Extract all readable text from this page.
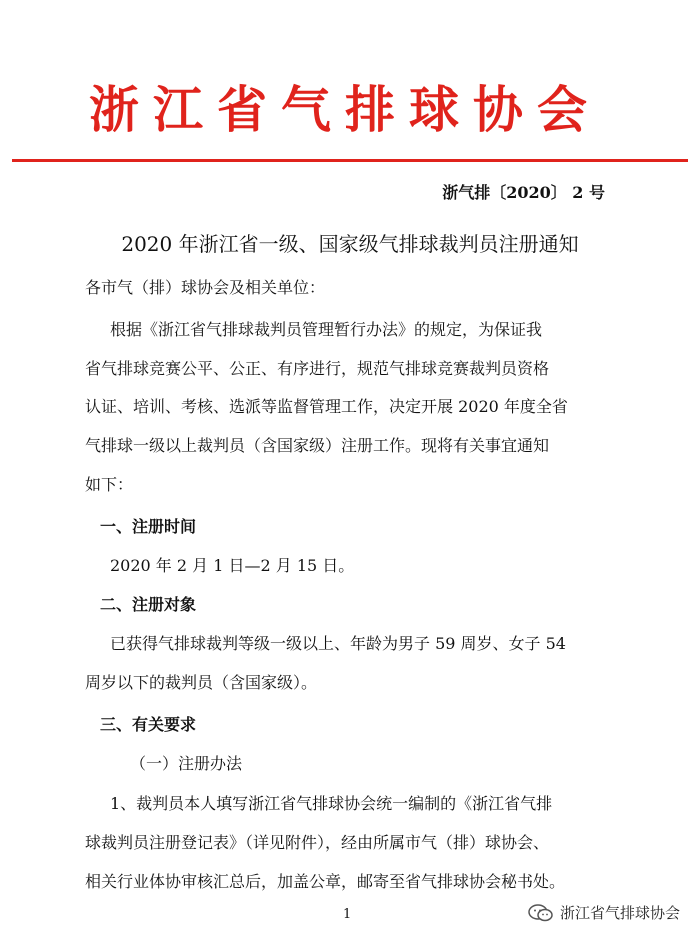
浙江省气排球协会
浙气排〔2020〕 2 号
2020 年浙江省一级、国家级气排球裁判员注册通知
各市气（排）球协会及相关单位：
根据《浙江省气排球裁判员管理暂行办法》的规定，为保证我
省气排球竞赛公平、公正、有序进行，规范气排球竞赛裁判员资格
认证、培训、考核、选派等监督管理工作，决定开展 2020 年度全省
气排球一级以上裁判员（含国家级）注册工作。现将有关事宜通知
如下：
一、注册时间
2020 年 2 月 1 日—2 月 15 日。
二、注册对象
已获得气排球裁判等级一级以上、年龄为男子 59 周岁、女子 54
周岁以下的裁判员（含国家级）。
三、有关要求
（一）注册办法
1、裁判员本人填写浙江省气排球协会统一编制的《浙江省气排
球裁判员注册登记表》（详见附件），经由所属市气（排）球协会、
相关行业体协审核汇总后，加盖公章，邮寄至省气排球协会秘书处。
1	浙江省气排球协会
